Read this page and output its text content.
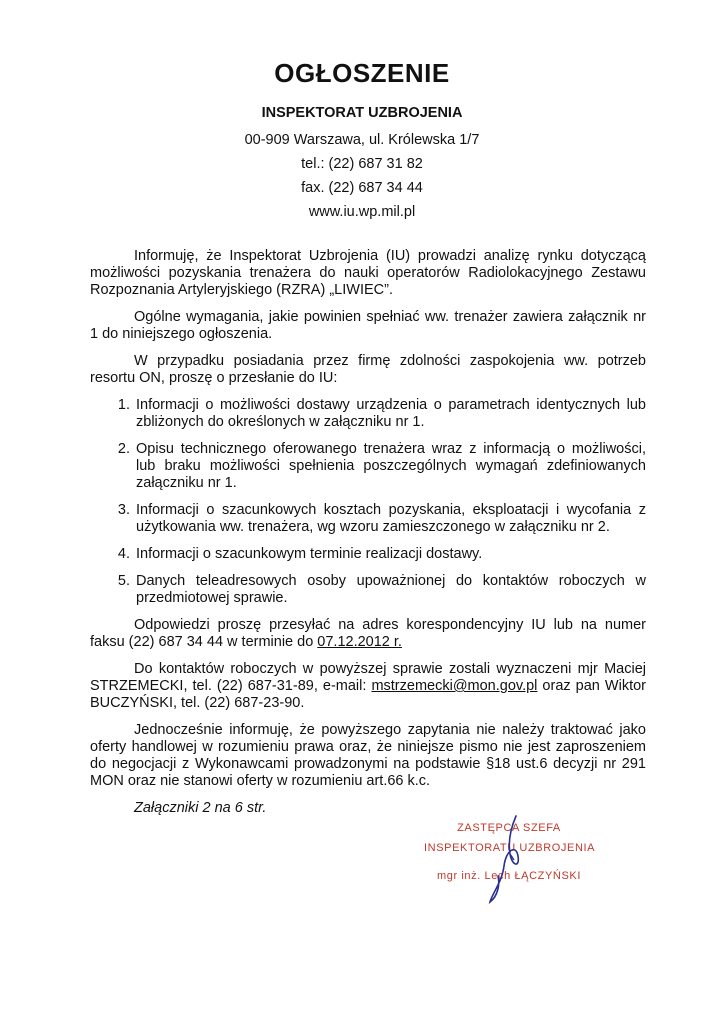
OGŁOSZENIE
INSPEKTORAT UZBROJENIA
00-909 Warszawa, ul. Królewska 1/7
tel.: (22) 687 31 82
fax. (22) 687 34 44
www.iu.wp.mil.pl

Informuję, że Inspektorat Uzbrojenia (IU) prowadzi analizę rynku dotyczącą możliwości pozyskania trenażera do nauki operatorów Radiolokacyjnego Zestawu Rozpoznania Artyleryjskiego (RZRA) „LIWIEC”.

Ogólne wymagania, jakie powinien spełniać ww. trenażer zawiera załącznik nr 1 do niniejszego ogłoszenia.

W przypadku posiadania przez firmę zdolności zaspokojenia ww. potrzeb resortu ON, proszę o przesłanie do IU:

1. Informacji o możliwości dostawy urządzenia o parametrach identycznych lub zbliżonych do określonych w załączniku nr 1.
2. Opisu technicznego oferowanego trenażera wraz z informacją o możliwości, lub braku możliwości spełnienia poszczególnych wymagań zdefiniowanych załączniku nr 1.
3. Informacji o szacunkowych kosztach pozyskania, eksploatacji i wycofania z użytkowania ww. trenażera, wg wzoru zamieszczonego w załączniku nr 2.
4. Informacji o szacunkowym terminie realizacji dostawy.
5. Danych teleadresowych osoby upoważnionej do kontaktów roboczych w przedmiotowej sprawie.

Odpowiedzi proszę przesyłać na adres korespondencyjny IU lub na numer faksu (22) 687 34 44 w terminie do 07.12.2012 r.

Do kontaktów roboczych w powyższej sprawie zostali wyznaczeni mjr Maciej STRZEMECKI, tel. (22) 687-31-89, e-mail: mstrzemecki@mon.gov.pl oraz pan Wiktor BUCZYŃSKI, tel. (22) 687-23-90.

Jednocześnie informuję, że powyższego zapytania nie należy traktować jako oferty handlowej w rozumieniu prawa oraz, że niniejsze pismo nie jest zaproszeniem do negocjacji z Wykonawcami prowadzonymi na podstawie §18 ust.6 decyzji nr 291 MON oraz nie stanowi oferty w rozumieniu art.66 k.c.

Załączniki 2 na 6 str.

ZASTĘPCA SZEFA
INSPEKTORATU UZBROJENIA
mgr inż. Lech ŁĄCZYŃSKI
